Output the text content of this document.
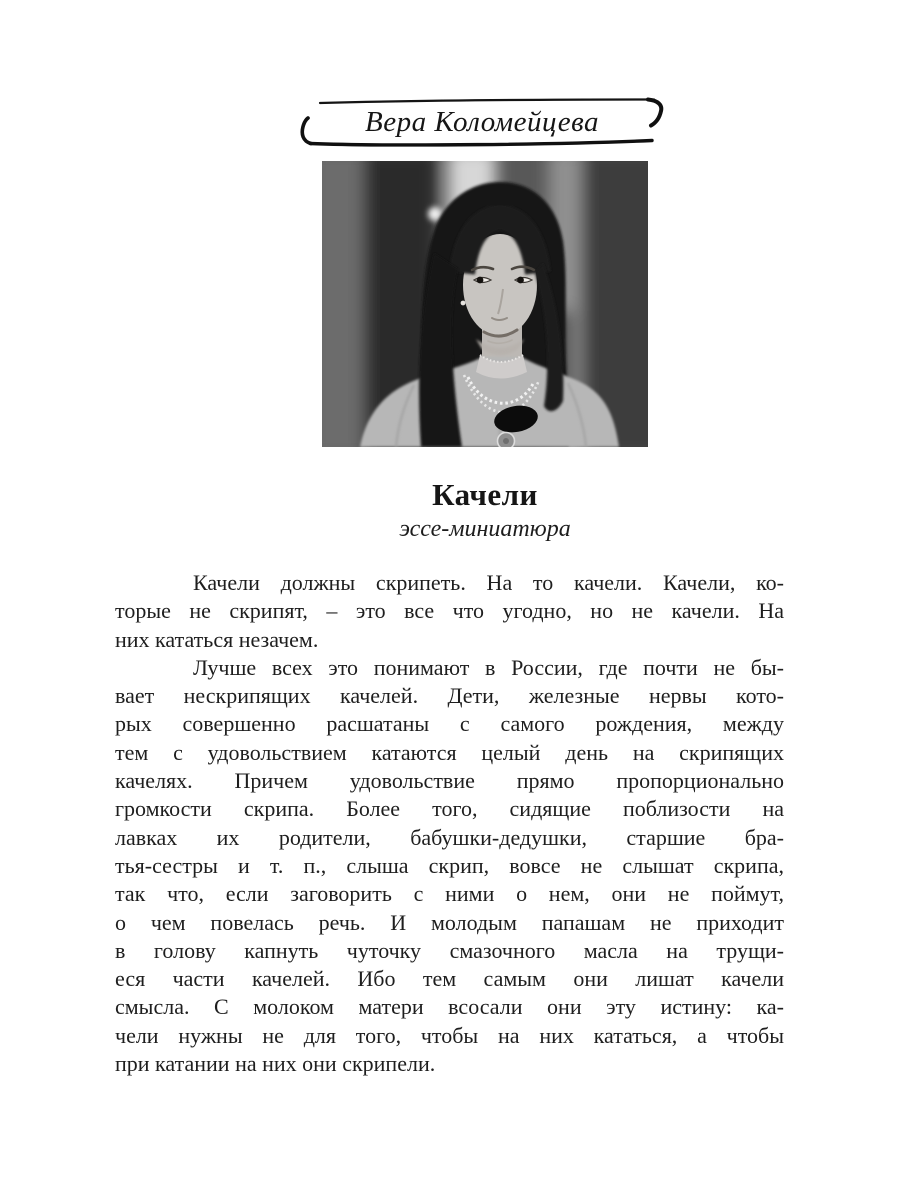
Вера Коломейцева
Качели
эссе-миниатюра
Качели должны скрипеть. На то качели. Качели, ко-
торые не скрипят, – это все что угодно, но не качели. На
них кататься незачем.
Лучше всех это понимают в России, где почти не бы-
вает нескрипящих качелей. Дети, железные нервы кото-
рых совершенно расшатаны с самого рождения, между
тем с удовольствием катаются целый день на скрипящих
качелях. Причем удовольствие прямо пропорционально
громкости скрипа. Более того, сидящие поблизости на
лавках их родители, бабушки-дедушки, старшие бра-
тья-сестры и т. п., слыша скрип, вовсе не слышат скрипа,
так что, если заговорить с ними о нем, они не поймут,
о чем повелась речь. И молодым папашам не приходит
в голову капнуть чуточку смазочного масла на трущи-
еся части качелей. Ибо тем самым они лишат качели
смысла. С молоком матери всосали они эту истину: ка-
чели нужны не для того, чтобы на них кататься, а чтобы
при катании на них они скрипели.
